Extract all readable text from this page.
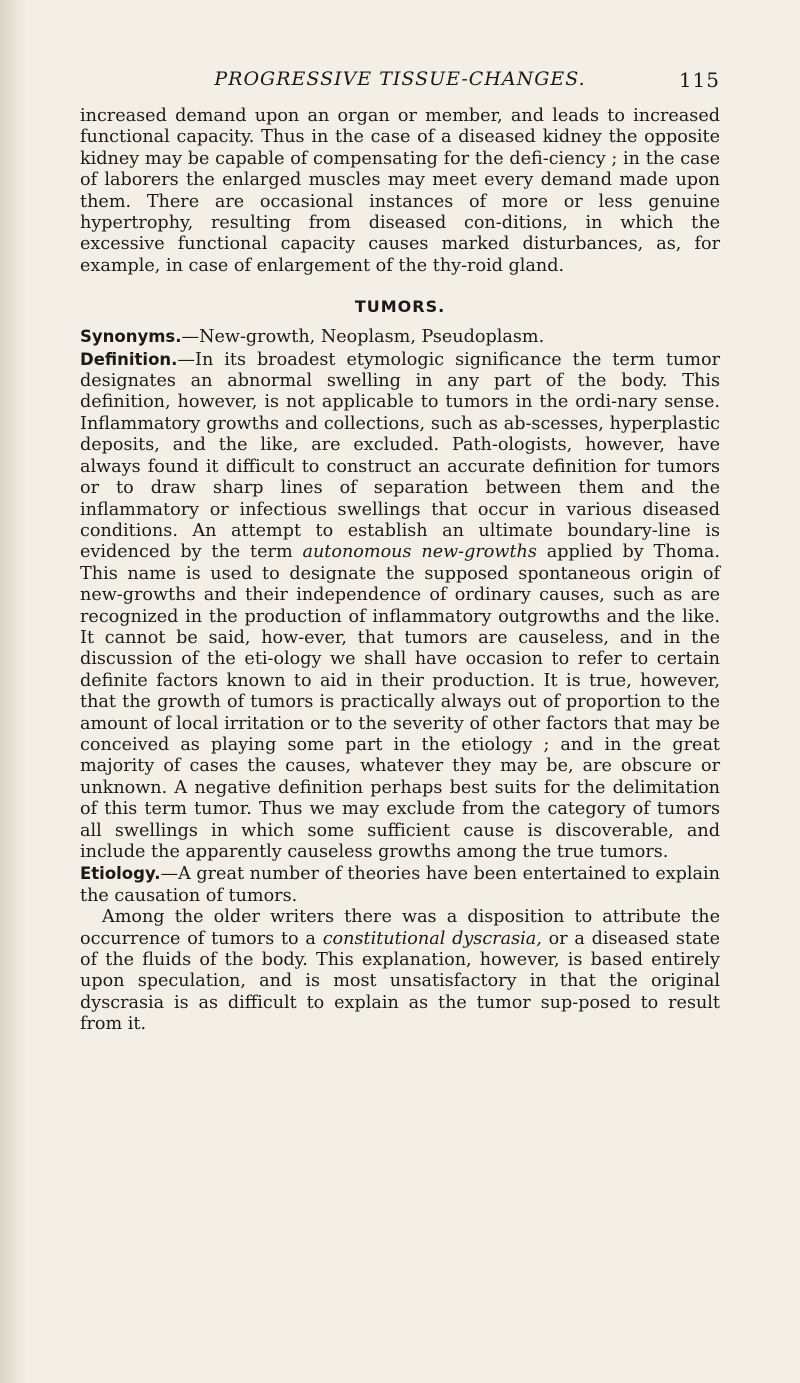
PROGRESSIVE TISSUE-CHANGES.	115

increased demand upon an organ or member, and leads to increased functional capacity. Thus in the case of a diseased kidney the opposite kidney may be capable of compensating for the defi-ciency ; in the case of laborers the enlarged muscles may meet every demand made upon them. There are occasional instances of more or less genuine hypertrophy, resulting from diseased con-ditions, in which the excessive functional capacity causes marked disturbances, as, for example, in case of enlargement of the thy-roid gland.

TUMORS.

Synonyms.—New-growth, Neoplasm, Pseudoplasm.

Definition.—In its broadest etymologic significance the term tumor designates an abnormal swelling in any part of the body. This definition, however, is not applicable to tumors in the ordi-nary sense. Inflammatory growths and collections, such as ab-scesses, hyperplastic deposits, and the like, are excluded. Path-ologists, however, have always found it difficult to construct an accurate definition for tumors or to draw sharp lines of separation between them and the inflammatory or infectious swellings that occur in various diseased conditions. An attempt to establish an ultimate boundary-line is evidenced by the term autonomous new-growths applied by Thoma. This name is used to designate the supposed spontaneous origin of new-growths and their independence of ordinary causes, such as are recognized in the production of inflammatory outgrowths and the like. It cannot be said, how-ever, that tumors are causeless, and in the discussion of the eti-ology we shall have occasion to refer to certain definite factors known to aid in their production. It is true, however, that the growth of tumors is practically always out of proportion to the amount of local irritation or to the severity of other factors that may be conceived as playing some part in the etiology ; and in the great majority of cases the causes, whatever they may be, are obscure or unknown. A negative definition perhaps best suits for the delimitation of this term tumor. Thus we may exclude from the category of tumors all swellings in which some sufficient cause is discoverable, and include the apparently causeless growths among the true tumors.

Etiology.—A great number of theories have been entertained to explain the causation of tumors.

Among the older writers there was a disposition to attribute the occurrence of tumors to a constitutional dyscrasia, or a diseased state of the fluids of the body. This explanation, however, is based entirely upon speculation, and is most unsatisfactory in that the original dyscrasia is as difficult to explain as the tumor sup-posed to result from it.
